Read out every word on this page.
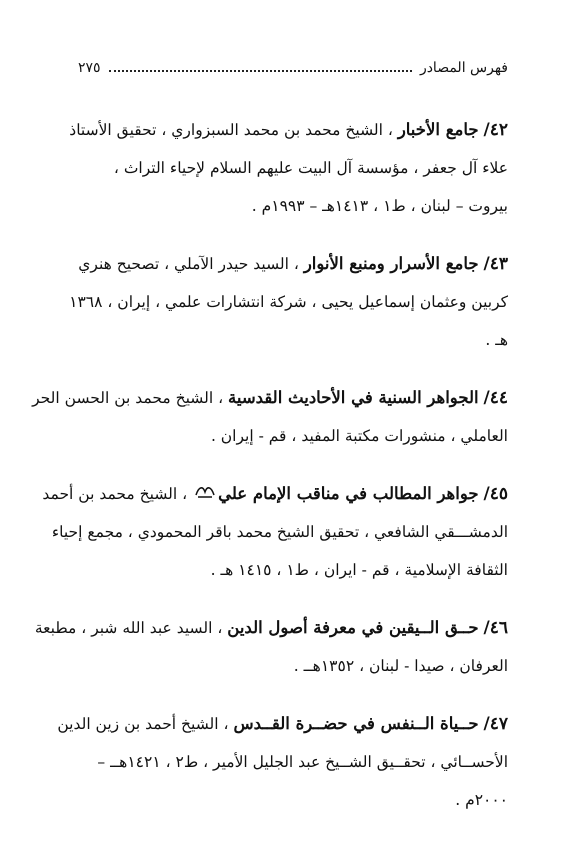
فهرس المصادر
٢٧٥
٤٢/ جامع الأخبار ، الشيخ محمد بن محمد السبزواري ، تحقيق الأستاذ
علاء آل جعفر ، مؤسسة آل البيت عليهم السلام لإحياء التراث ،
بيروت – لبنان ، ط١ ، ١٤١٣هـ – ١٩٩٣م .
٤٣/ جامع الأسرار ومنبع الأنوار ، السيد حيدر الآملي ، تصحيح هنري
كربين وعثمان إسماعيل يحيى ، شركة انتشارات علمي ، إيران ، ١٣٦٨
هـ .
٤٤/ الجواهر السنية في الأحاديث القدسية ، الشيخ محمد بن الحسن الحر
العاملي ، منشورات مكتبة المفيد ، قم - إيران .
٤٥/ جواهر المطالب في مناقب الإمام علي ، الشيخ محمد بن أحمد
الدمشـــقي الشافعي ، تحقيق الشيخ محمد باقر المحمودي ، مجمع إحياء
الثقافة الإسلامية ، قم - ايران ، ط١ ، ١٤١٥ هـ .
٤٦/ حــق الــيقين في معرفة أصول الدين ، السيد عبد الله شبر ، مطبعة
العرفان ، صيدا - لبنان ، ١٣٥٢هــ .
٤٧/ حــياة الــنفس في حضــرة القــدس ، الشيخ أحمد بن زين الدين
الأحســائي ، تحقــيق الشــيخ عبد الجليل الأمير ، ط٢ ، ١٤٢١هــ –
٢٠٠٠م .
